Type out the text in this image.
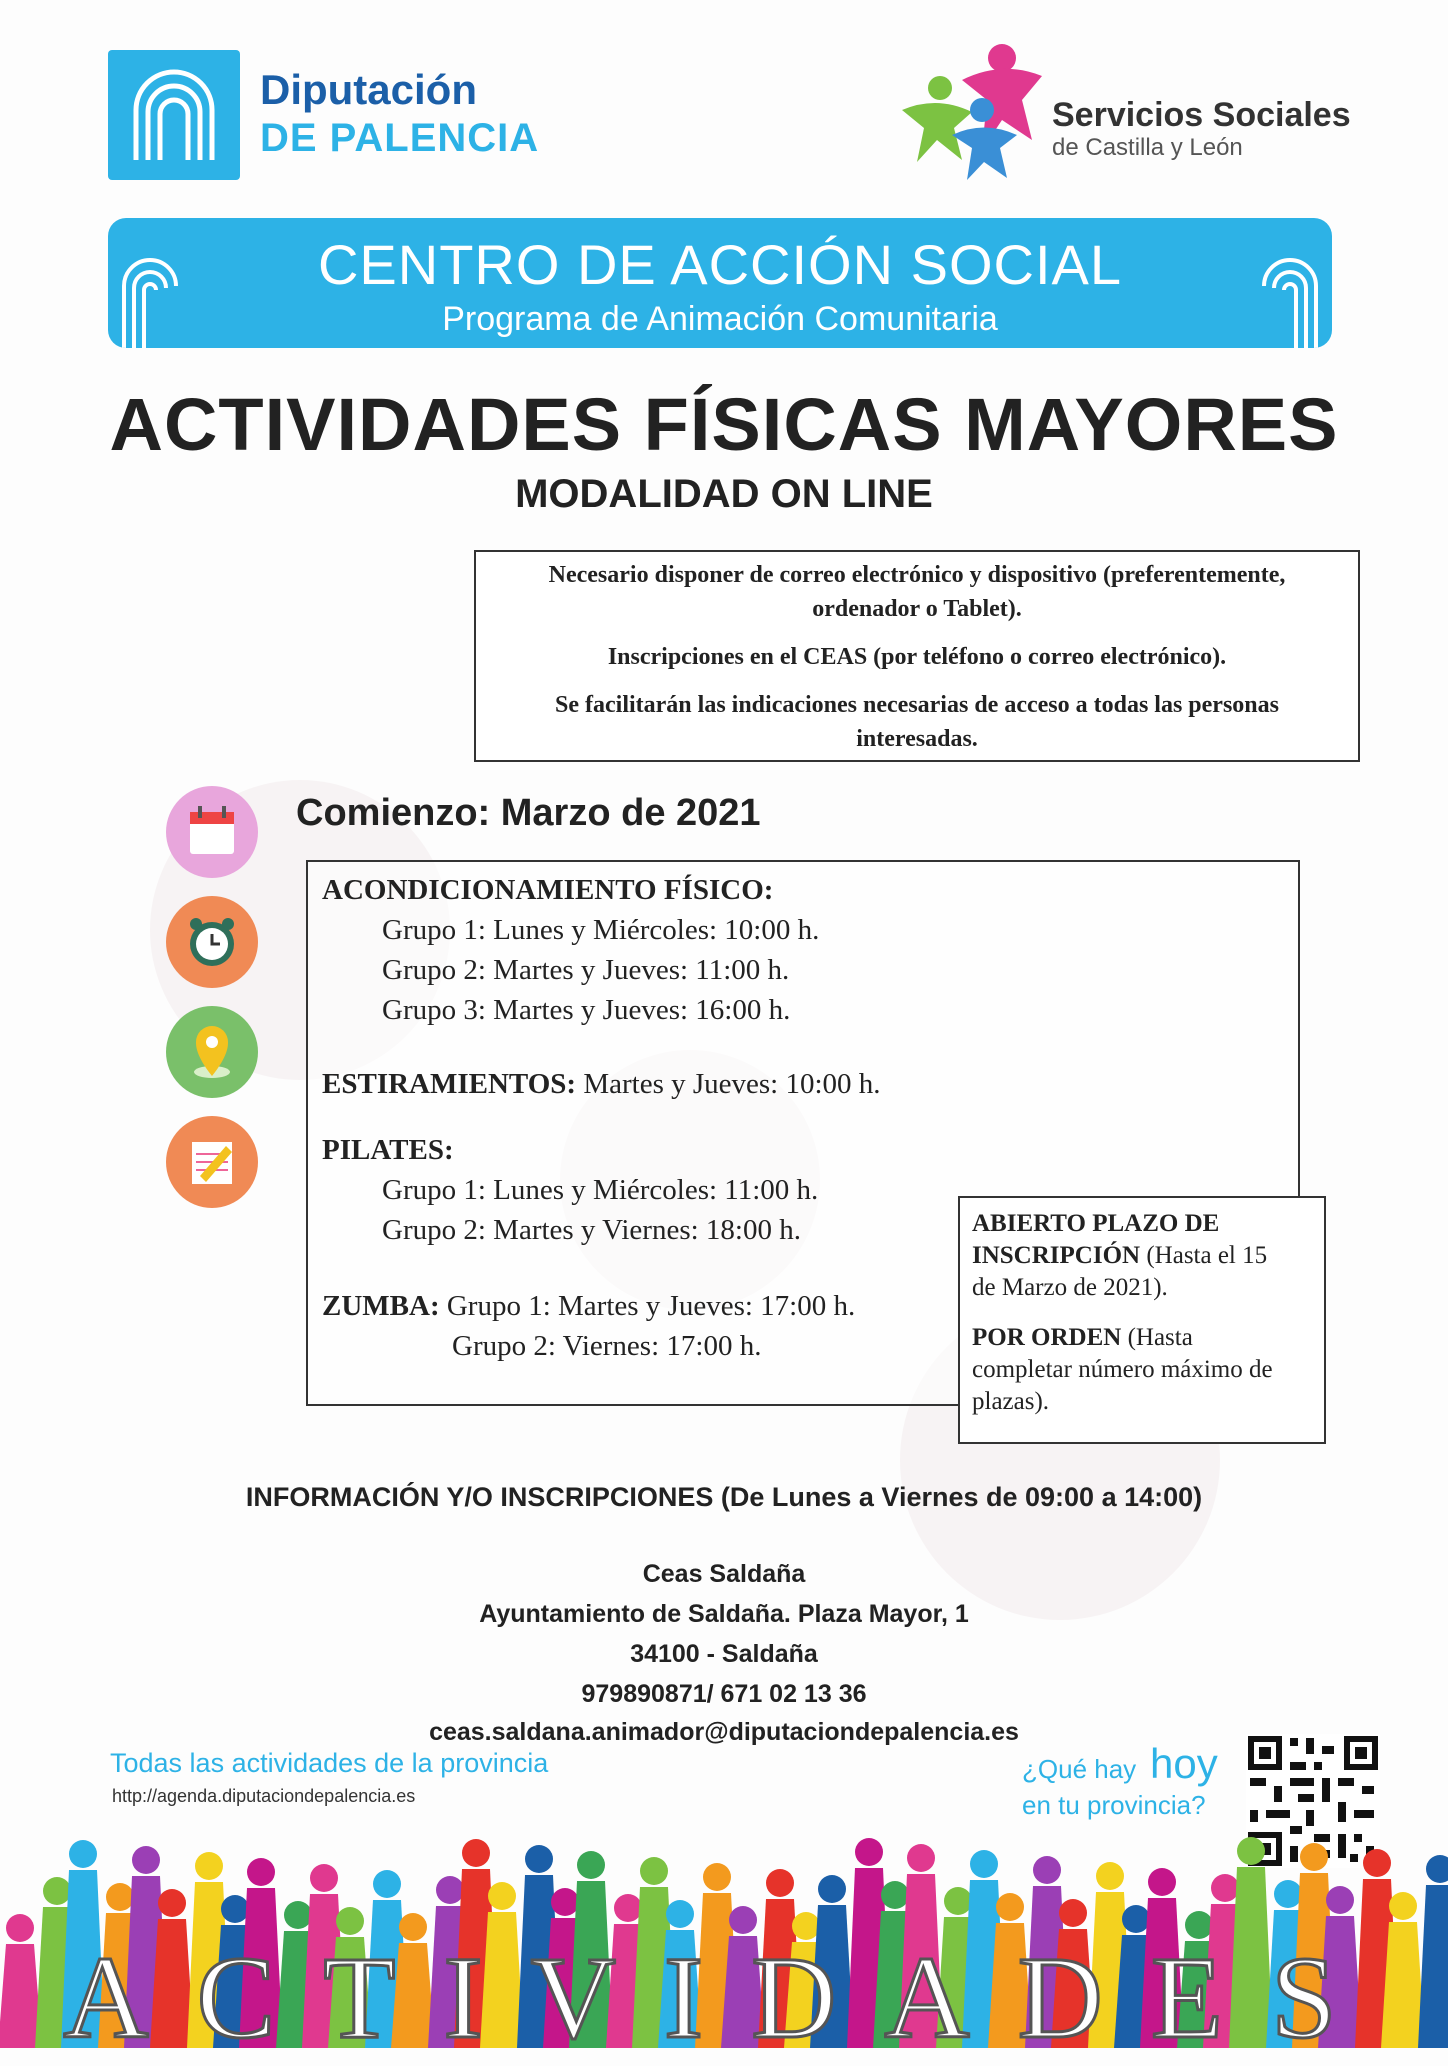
Diputación
DE PALENCIA
Servicios Sociales
de Castilla y León
CENTRO DE ACCIÓN SOCIAL
Programa de Animación Comunitaria
ACTIVIDADES FÍSICAS MAYORES
MODALIDAD ON LINE
Necesario disponer de correo electrónico y dispositivo (preferentemente,
ordenador o Tablet).
Inscripciones en el CEAS (por teléfono o correo electrónico).
Se facilitarán las indicaciones necesarias de acceso a todas las personas
interesadas.
Comienzo: Marzo de 2021
ACONDICIONAMIENTO FÍSICO:
Grupo 1: Lunes y Miércoles: 10:00 h.
Grupo 2: Martes y Jueves: 11:00 h.
Grupo 3: Martes y Jueves: 16:00 h.
ESTIRAMIENTOS: Martes y Jueves: 10:00 h.
PILATES:
Grupo 1: Lunes y Miércoles: 11:00 h.
Grupo 2: Martes y Viernes: 18:00 h.
ZUMBA: Grupo 1: Martes y Jueves: 17:00 h.
Grupo 2: Viernes: 17:00 h.
ABIERTO PLAZO DE
INSCRIPCIÓN (Hasta el 15
de Marzo de 2021).
POR ORDEN (Hasta
completar número máximo de
plazas).
INFORMACIÓN Y/O INSCRIPCIONES (De Lunes a Viernes de 09:00 a 14:00)
Ceas Saldaña
Ayuntamiento de Saldaña. Plaza Mayor, 1
34100 - Saldaña
979890871/ 671 02 13 36
ceas.saldana.animador@diputaciondepalencia.es
Todas las actividades de la provincia
http://agenda.diputaciondepalencia.es
¿Qué hay hoy
en tu provincia?
ACTIVIDADES
